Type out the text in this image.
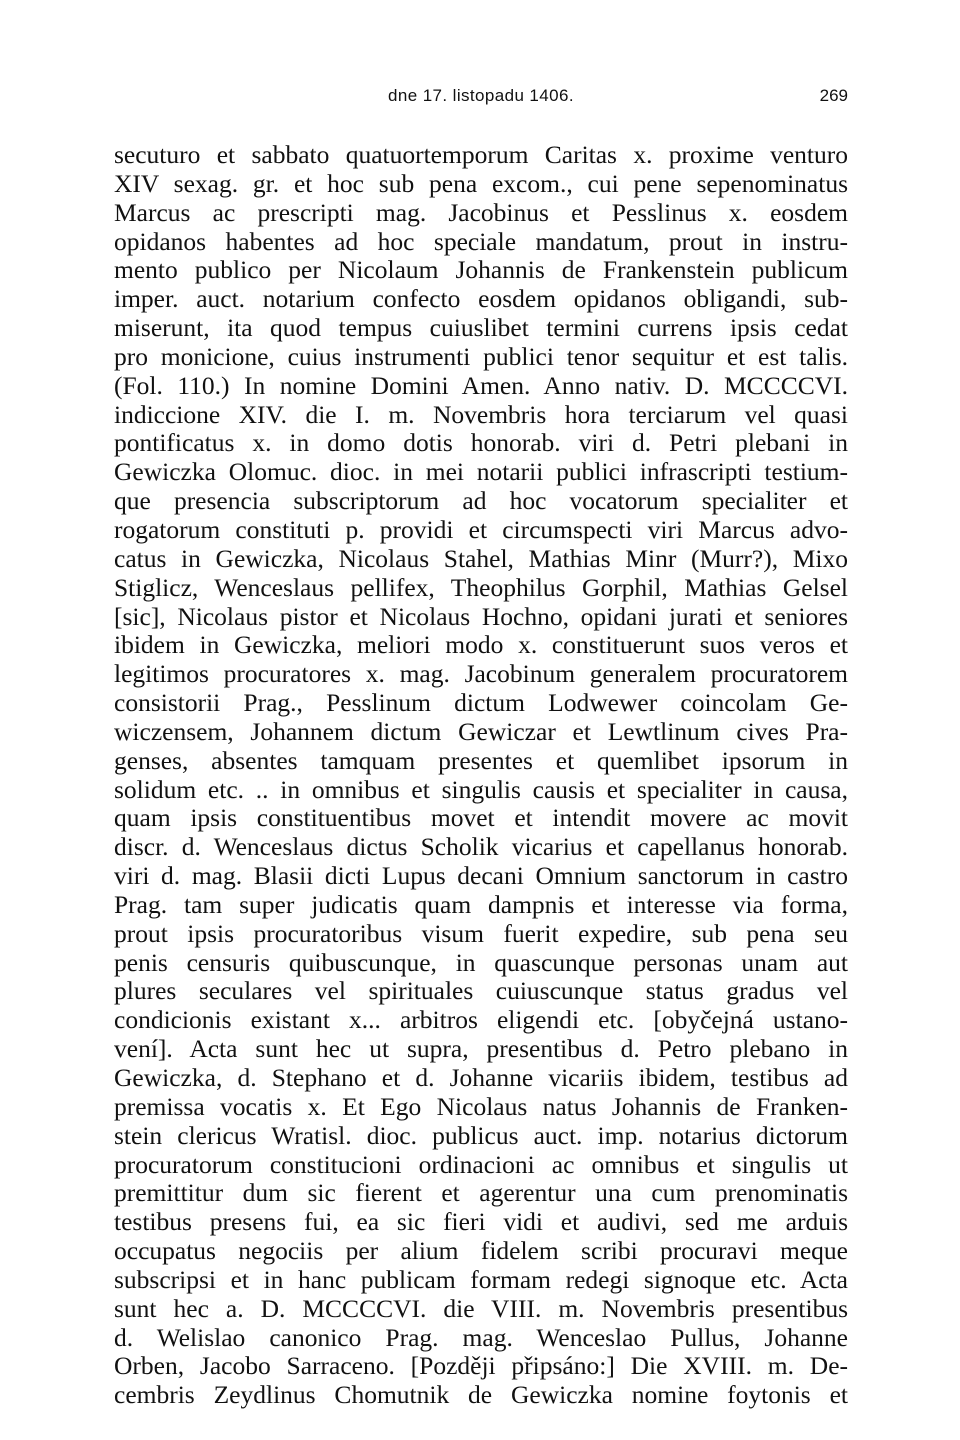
dne 17. listopadu 1406.	269
secuturo et sabbato quatuortemporum Caritas x. proxime venturo
XIV sexag. gr. et hoc sub pena excom., cui pene sepenominatus
Marcus ac prescripti mag. Jacobinus et Pesslinus x. eosdem
opidanos habentes ad hoc speciale mandatum, prout in instru-
mento publico per Nicolaum Johannis de Frankenstein publicum
imper. auct. notarium confecto eosdem opidanos obligandi, sub-
miserunt, ita quod tempus cuiuslibet termini currens ipsis cedat
pro monicione, cuius instrumenti publici tenor sequitur et est talis.
(Fol. 110.) In nomine Domini Amen. Anno nativ. D. MCCCCVI.
indiccione XIV. die I. m. Novembris hora terciarum vel quasi
pontificatus x. in domo dotis honorab. viri d. Petri plebani in
Gewiczka Olomuc. dioc. in mei notarii publici infrascripti testium-
que presencia subscriptorum ad hoc vocatorum specialiter et
rogatorum constituti p. providi et circumspecti viri Marcus advo-
catus in Gewiczka, Nicolaus Stahel, Mathias Minr (Murr?), Mixo
Stiglicz, Wenceslaus pellifex, Theophilus Gorphil, Mathias Gelsel
[sic], Nicolaus pistor et Nicolaus Hochno, opidani jurati et seniores
ibidem in Gewiczka, meliori modo x. constituerunt suos veros et
legitimos procuratores x. mag. Jacobinum generalem procuratorem
consistorii Prag., Pesslinum dictum Lodwewer coincolam Ge-
wiczensem, Johannem dictum Gewiczar et Lewtlinum cives Pra-
genses, absentes tamquam presentes et quemlibet ipsorum in
solidum etc. .. in omnibus et singulis causis et specialiter in causa,
quam ipsis constituentibus movet et intendit movere ac movit
discr. d. Wenceslaus dictus Scholik vicarius et capellanus honorab.
viri d. mag. Blasii dicti Lupus decani Omnium sanctorum in castro
Prag. tam super judicatis quam dampnis et interesse via forma,
prout ipsis procuratoribus visum fuerit expedire, sub pena seu
penis censuris quibuscunque, in quascunque personas unam aut
plures seculares vel spirituales cuiuscunque status gradus vel
condicionis existant x... arbitros eligendi etc. [obyčejná ustano-
vení]. Acta sunt hec ut supra, presentibus d. Petro plebano in
Gewiczka, d. Stephano et d. Johanne vicariis ibidem, testibus ad
premissa vocatis x. Et Ego Nicolaus natus Johannis de Franken-
stein clericus Wratisl. dioc. publicus auct. imp. notarius dictorum
procuratorum constitucioni ordinacioni ac omnibus et singulis ut
premittitur dum sic fierent et agerentur una cum prenominatis
testibus presens fui, ea sic fieri vidi et audivi, sed me arduis
occupatus negociis per alium fidelem scribi procuravi meque
subscripsi et in hanc publicam formam redegi signoque etc. Acta
sunt hec a. D. MCCCCVI. die VIII. m. Novembris presentibus
d. Welislao canonico Prag. mag. Wenceslao Pullus, Johanne
Orben, Jacobo Sarraceno. [Později připsáno:] Die XVIII. m. De-
cembris Zeydlinus Chomutnik de Gewiczka nomine foytonis et
